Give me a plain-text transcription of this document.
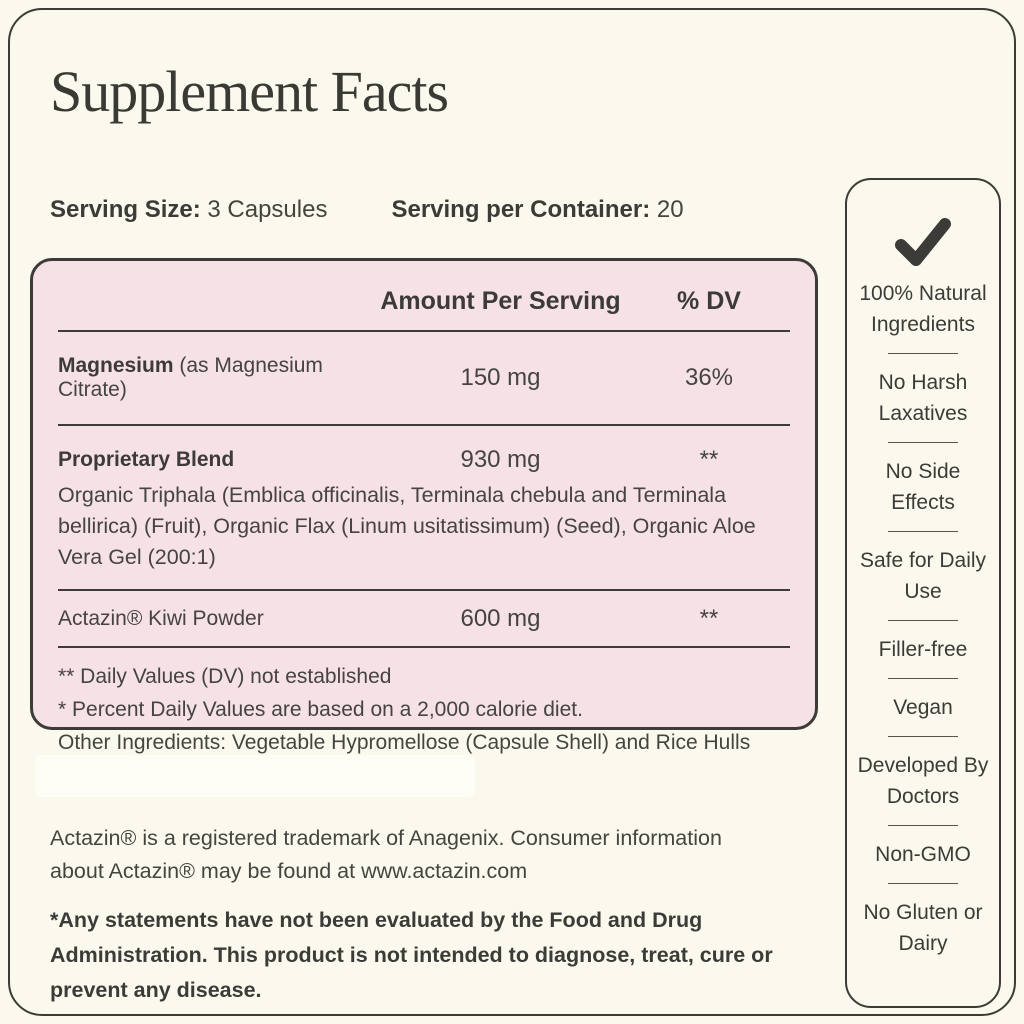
Supplement Facts
Serving Size: 3 Capsules	Serving per Container: 20
Amount Per Serving	% DV
Magnesium (as Magnesium Citrate)	150 mg	36%
Proprietary Blend	930 mg	**
Organic Triphala (Emblica officinalis, Terminala chebula and Terminala bellirica) (Fruit), Organic Flax (Linum usitatissimum) (Seed), Organic Aloe Vera Gel (200:1)
Actazin® Kiwi Powder	600 mg	**
** Daily Values (DV) not established
* Percent Daily Values are based on a 2,000 calorie diet.
Other Ingredients: Vegetable Hypromellose (Capsule Shell) and Rice Hulls

Actazin® is a registered trademark of Anagenix. Consumer information about Actazin® may be found at www.actazin.com

*Any statements have not been evaluated by the Food and Drug Administration. This product is not intended to diagnose, treat, cure or prevent any disease.

100% Natural Ingredients
No Harsh Laxatives
No Side Effects
Safe for Daily Use
Filler-free
Vegan
Developed By Doctors
Non-GMO
No Gluten or Dairy
